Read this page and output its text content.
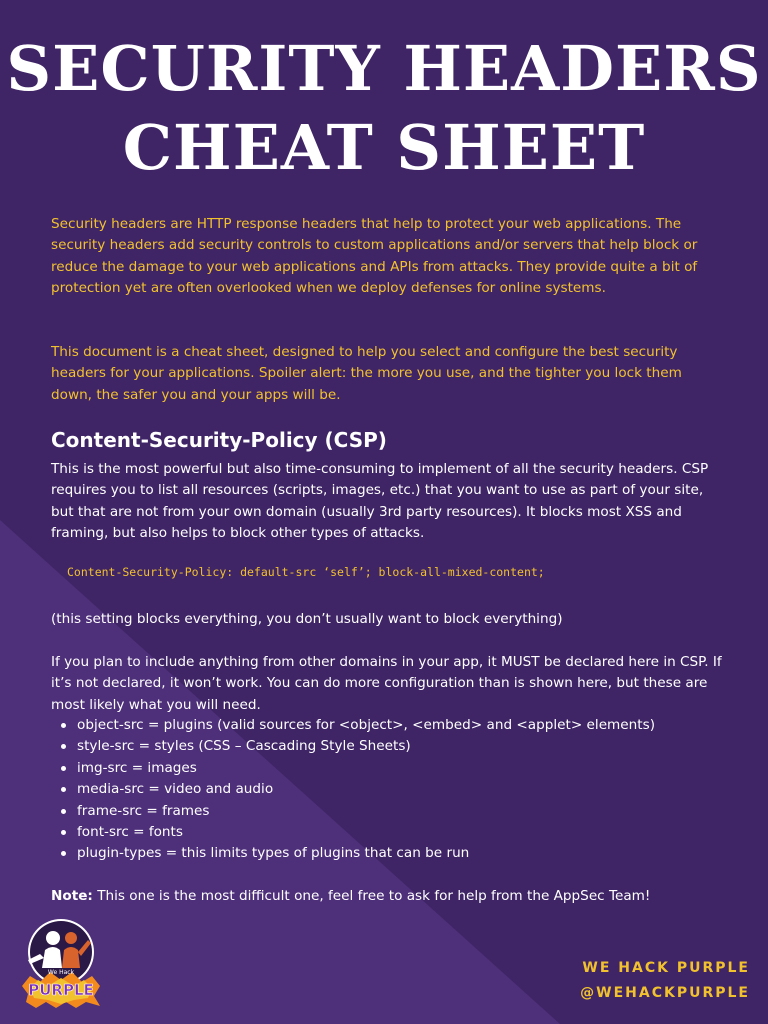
SECURITY HEADERS
CHEAT SHEET

Security headers are HTTP response headers that help to protect your web applications. The security headers add security controls to custom applications and/or servers that help block or reduce the damage to your web applications and APIs from attacks. They provide quite a bit of protection yet are often overlooked when we deploy defenses for online systems.

This document is a cheat sheet, designed to help you select and configure the best security headers for your applications. Spoiler alert: the more you use, and the tighter you lock them down, the safer you and your apps will be.

Content-Security-Policy (CSP)

This is the most powerful but also time-consuming to implement of all the security headers. CSP requires you to list all resources (scripts, images, etc.) that you want to use as part of your site, but that are not from your own domain (usually 3rd party resources). It blocks most XSS and framing, but also helps to block other types of attacks.

Content-Security-Policy: default-src ‘self’; block-all-mixed-content;

(this setting blocks everything, you don’t usually want to block everything)

If you plan to include anything from other domains in your app, it MUST be declared here in CSP. If it’s not declared, it won’t work. You can do more configuration than is shown here, but these are most likely what you will need.

object-src = plugins (valid sources for <object>, <embed> and <applet> elements)
style-src = styles (CSS – Cascading Style Sheets)
img-src = images
media-src = video and audio
frame-src = frames
font-src = fonts
plugin-types = this limits types of plugins that can be run

Note: This one is the most difficult one, feel free to ask for help from the AppSec Team!

We Hack
PURPLE

WE HACK PURPLE

@WEHACKPURPLE
